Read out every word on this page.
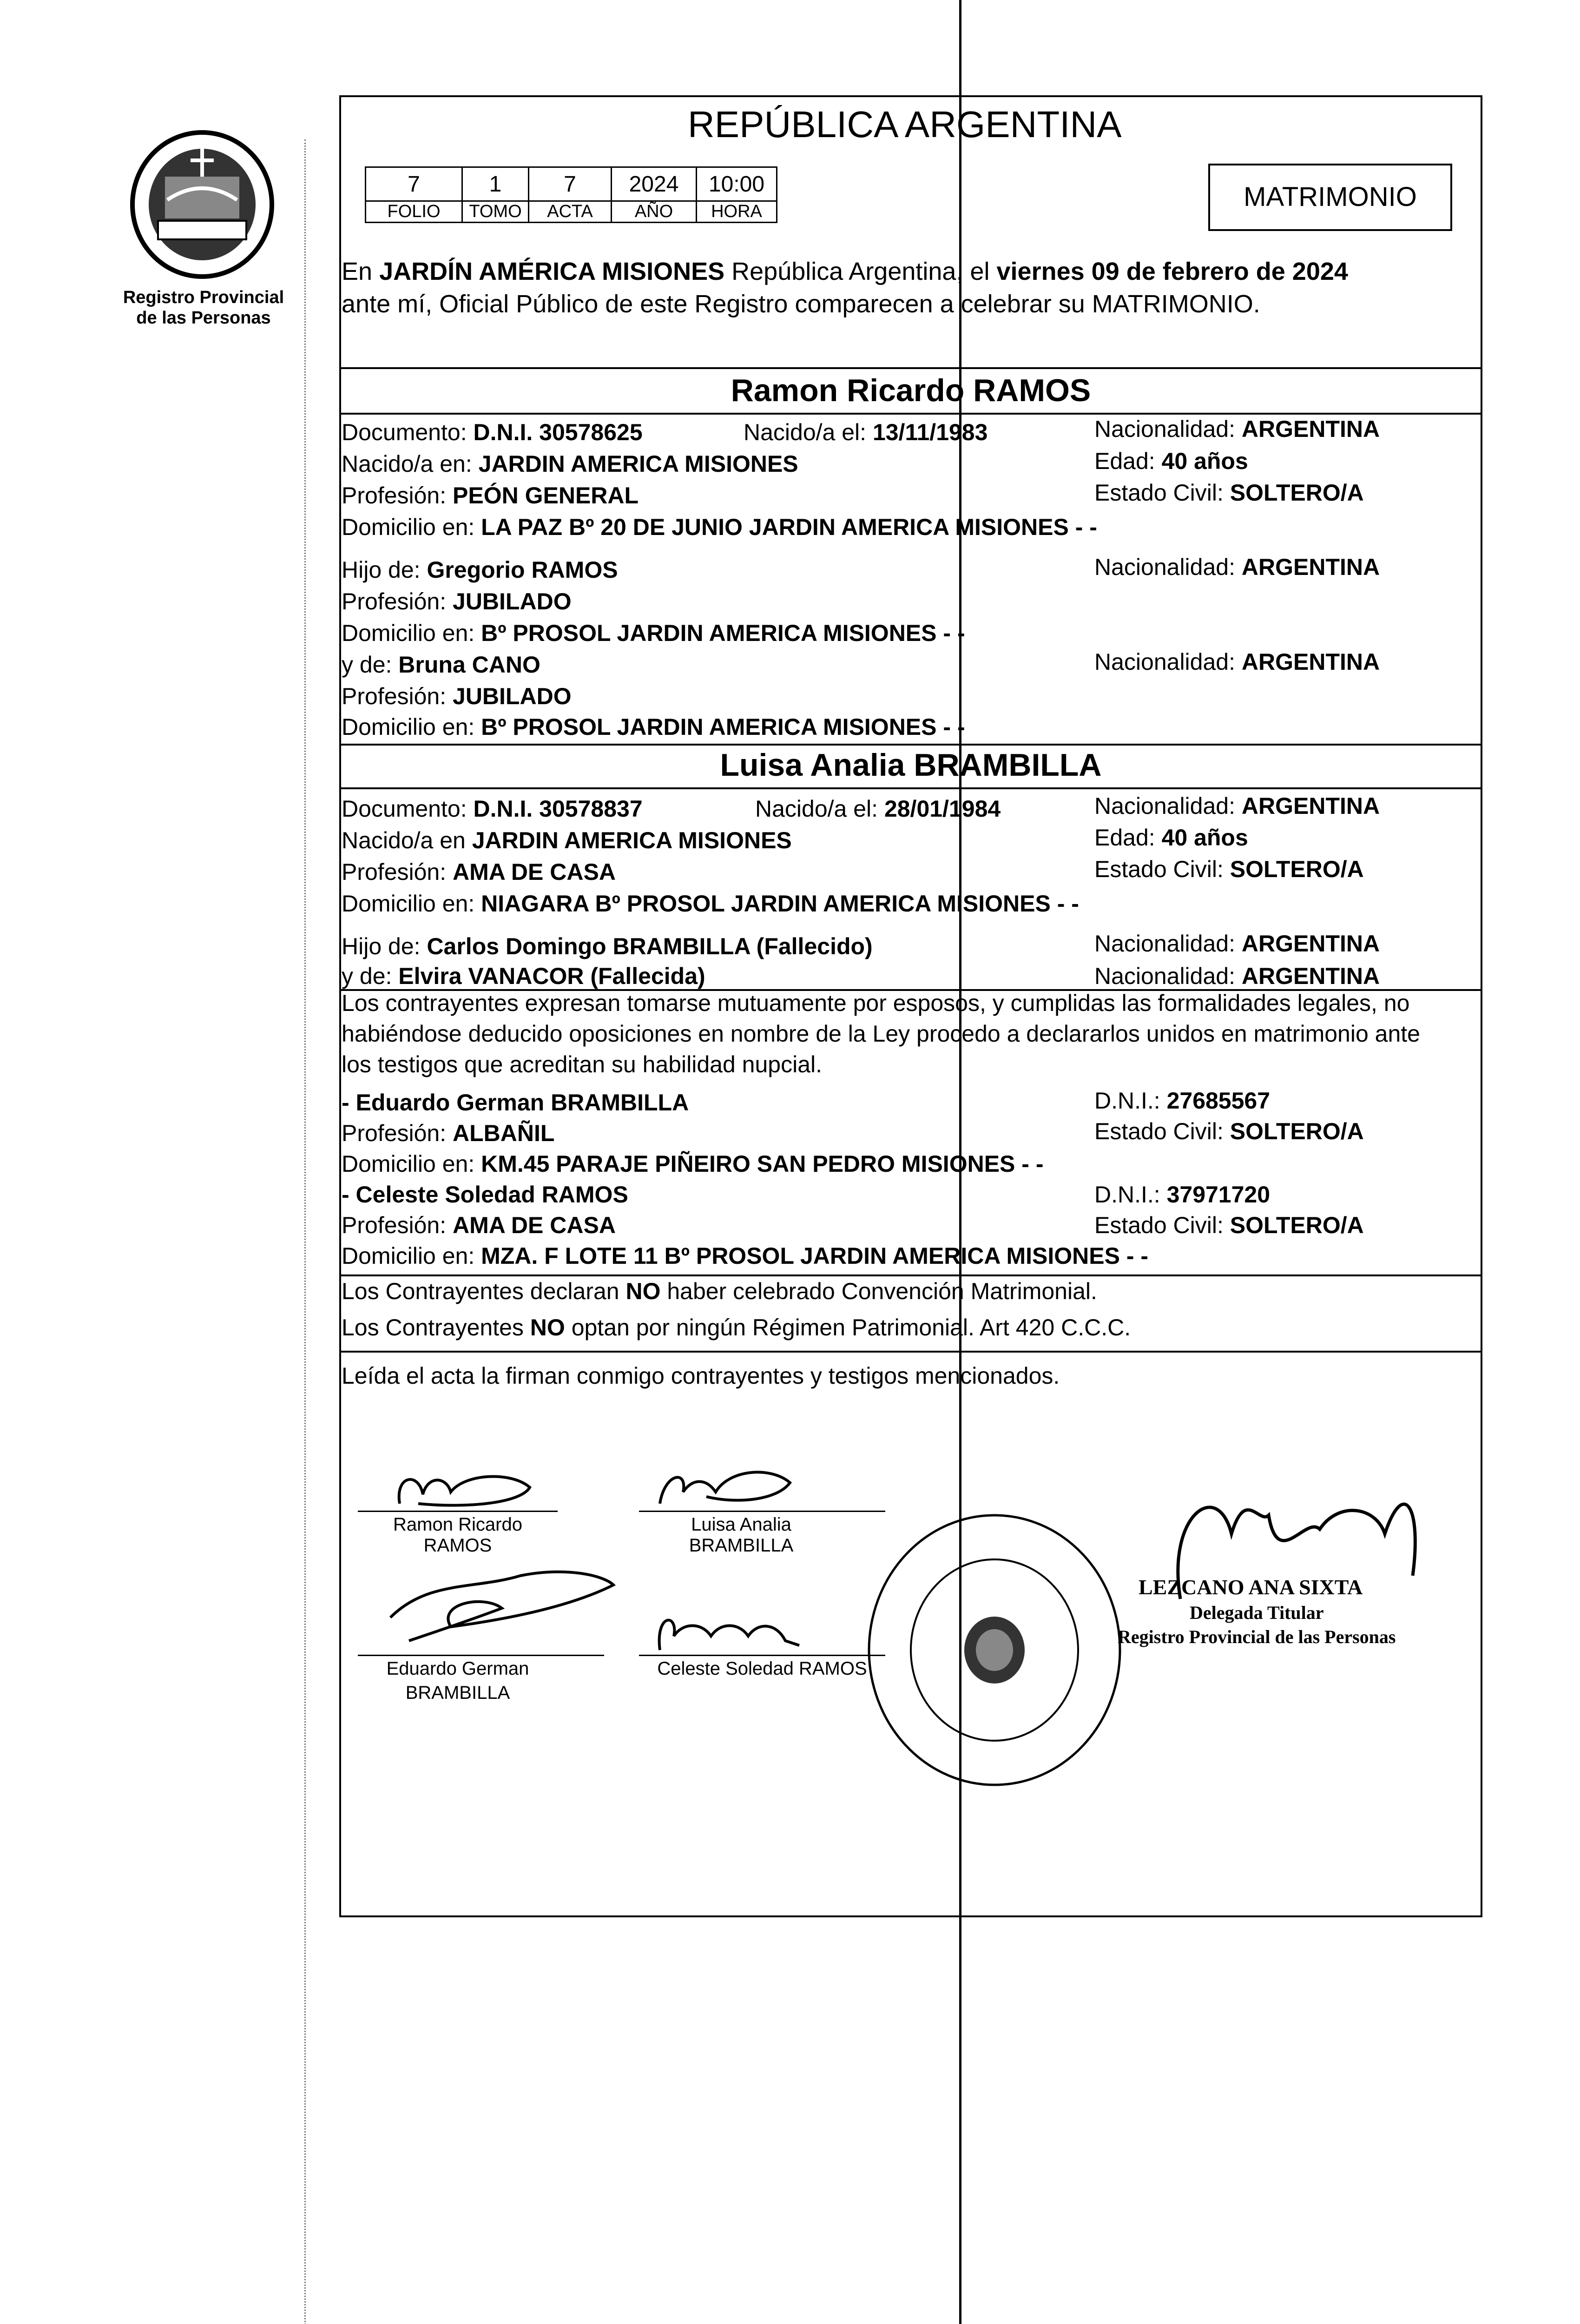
Registro Provincial
de las Personas
REPÚBLICA ARGENTINA
7	1	7	2024	10:00
FOLIO	TOMO	ACTA	AÑO	HORA	MATRIMONIO
En JARDÍN AMÉRICA MISIONES República Argentina, el viernes 09 de febrero de 2024
ante mí, Oficial Público de este Registro comparecen a celebrar su MATRIMONIO.
Ramon Ricardo RAMOS
Documento: D.N.I. 30578625	Nacido/a el: 13/11/1983	Nacionalidad: ARGENTINA
Nacido/a en: JARDIN AMERICA MISIONES	Edad: 40 años
Profesión: PEÓN GENERAL	Estado Civil: SOLTERO/A
Domicilio en: LA PAZ Bº 20 DE JUNIO JARDIN AMERICA MISIONES - -
Hijo de: Gregorio RAMOS	Nacionalidad: ARGENTINA
Profesión: JUBILADO
Domicilio en: Bº PROSOL JARDIN AMERICA MISIONES - -
y de: Bruna CANO	Nacionalidad: ARGENTINA
Profesión: JUBILADO
Domicilio en: Bº PROSOL JARDIN AMERICA MISIONES - -
Luisa Analia BRAMBILLA
Documento: D.N.I. 30578837	Nacido/a el: 28/01/1984	Nacionalidad: ARGENTINA
Nacido/a en JARDIN AMERICA MISIONES	Edad: 40 años
Profesión: AMA DE CASA	Estado Civil: SOLTERO/A
Domicilio en: NIAGARA Bº PROSOL JARDIN AMERICA MISIONES - -
Hijo de: Carlos Domingo BRAMBILLA (Fallecido)	Nacionalidad: ARGENTINA
y de: Elvira VANACOR (Fallecida)	Nacionalidad: ARGENTINA
Los contrayentes expresan tomarse mutuamente por esposos, y cumplidas las formalidades legales, no
habiéndose deducido oposiciones en nombre de la Ley procedo a declararlos unidos en matrimonio ante
los testigos que acreditan su habilidad nupcial.
- Eduardo German BRAMBILLA	D.N.I.: 27685567
Profesión: ALBAÑIL	Estado Civil: SOLTERO/A
Domicilio en: KM.45 PARAJE PIÑEIRO SAN PEDRO MISIONES - -
- Celeste Soledad RAMOS	D.N.I.: 37971720
Profesión: AMA DE CASA	Estado Civil: SOLTERO/A
Domicilio en: MZA. F LOTE 11 Bº PROSOL JARDIN AMERICA MISIONES - -
Los Contrayentes declaran NO haber celebrado Convención Matrimonial.
Los Contrayentes NO optan por ningún Régimen Patrimonial. Art 420 C.C.C.
Leída el acta la firman conmigo contrayentes y testigos mencionados.
Ramon Ricardo RAMOS
Luisa Analia BRAMBILLA
Eduardo German
BRAMBILLA
Celeste Soledad RAMOS
LEZCANO ANA SIXTA
Delegada Titular
Registro Provincial de las Personas
